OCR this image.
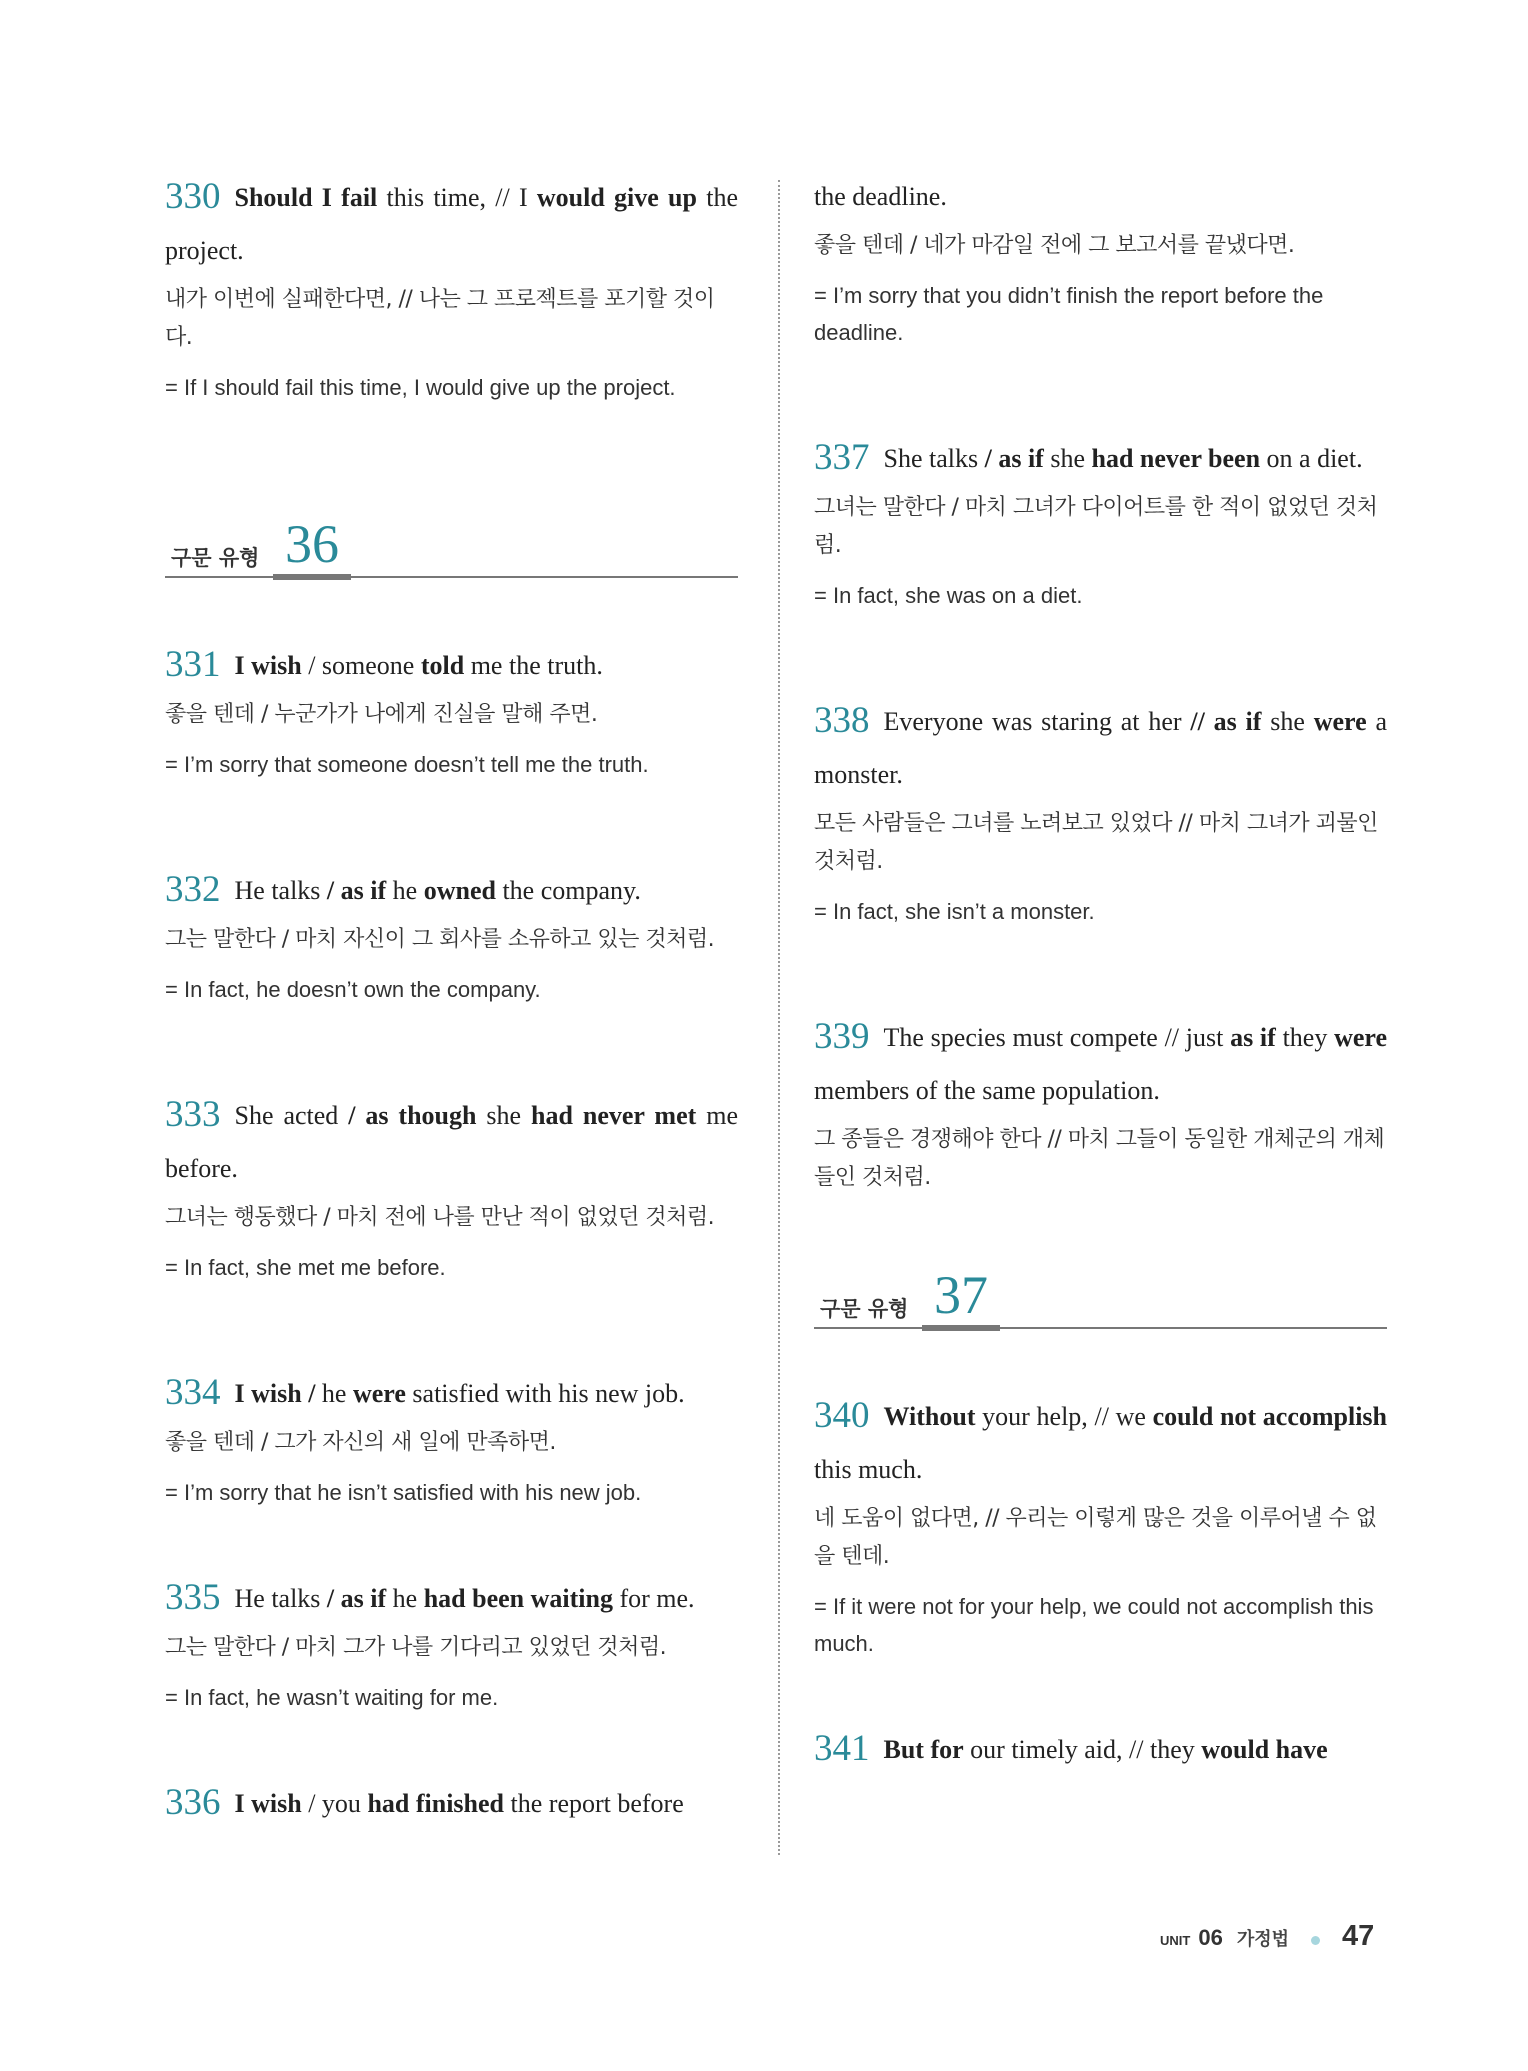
330 Should I fail this time, // I would give up the project.

내가 이번에 실패한다면, // 나는 그 프로젝트를 포기할 것이다.

= If I should fail this time, I would give up the project.

구문 유형 36

331 I wish / someone told me the truth.

좋을 텐데 / 누군가가 나에게 진실을 말해 주면.

= I’m sorry that someone doesn’t tell me the truth.

332 He talks / as if he owned the company.

그는 말한다 / 마치 자신이 그 회사를 소유하고 있는 것처럼.

= In fact, he doesn’t own the company.

333 She acted / as though she had never met me before.

그녀는 행동했다 / 마치 전에 나를 만난 적이 없었던 것처럼.

= In fact, she met me before.

334 I wish / he were satisfied with his new job.

좋을 텐데 / 그가 자신의 새 일에 만족하면.

= I’m sorry that he isn’t satisfied with his new job.

335 He talks / as if he had been waiting for me.

그는 말한다 / 마치 그가 나를 기다리고 있었던 것처럼.

= In fact, he wasn’t waiting for me.

336 I wish / you had finished the report before

the deadline.

좋을 텐데 / 네가 마감일 전에 그 보고서를 끝냈다면.

= I’m sorry that you didn’t finish the report before the deadline.

337 She talks / as if she had never been on a diet.

그녀는 말한다 / 마치 그녀가 다이어트를 한 적이 없었던 것처럼.

= In fact, she was on a diet.

338 Everyone was staring at her // as if she were a monster.

모든 사람들은 그녀를 노려보고 있었다 // 마치 그녀가 괴물인 것처럼.

= In fact, she isn’t a monster.

339 The species must compete // just as if they were members of the same population.

그 종들은 경쟁해야 한다 // 마치 그들이 동일한 개체군의 개체들인 것처럼.

구문 유형 37

340 Without your help, // we could not accomplish this much.

네 도움이 없다면, // 우리는 이렇게 많은 것을 이루어낼 수 없을 텐데.

= If it were not for your help, we could not accomplish this much.

341 But for our timely aid, // they would have

UNIT 06 가정법 47
